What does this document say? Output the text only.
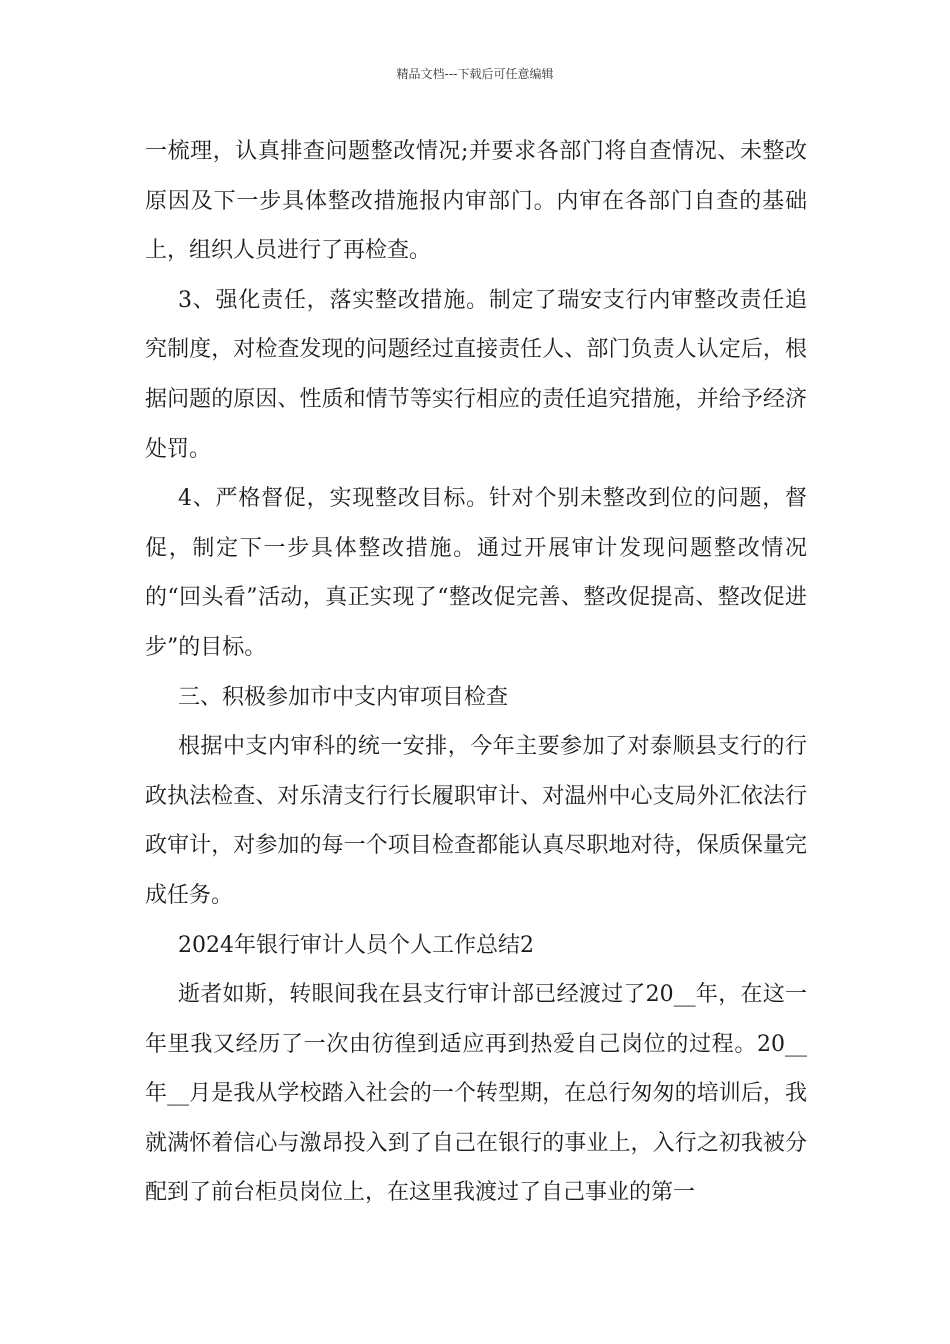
精品文档---下载后可任意编辑

一梳理，认真排查问题整改情况;并要求各部门将自查情况、未整改原因及下一步具体整改措施报内审部门。内审在各部门自查的基础上，组织人员进行了再检查。

3、强化责任，落实整改措施。制定了瑞安支行内审整改责任追究制度，对检查发现的问题经过直接责任人、部门负责人认定后，根据问题的原因、性质和情节等实行相应的责任追究措施，并给予经济处罚。

4、严格督促，实现整改目标。针对个别未整改到位的问题，督促，制定下一步具体整改措施。通过开展审计发现问题整改情况的“回头看”活动，真正实现了“整改促完善、整改促提高、整改促进步”的目标。

三、积极参加市中支内审项目检查

根据中支内审科的统一安排，今年主要参加了对泰顺县支行的行政执法检查、对乐清支行行长履职审计、对温州中心支局外汇依法行政审计，对参加的每一个项目检查都能认真尽职地对待，保质保量完成任务。

2024年银行审计人员个人工作总结2

逝者如斯，转眼间我在县支行审计部已经渡过了20__年，在这一年里我又经历了一次由彷徨到适应再到热爱自己岗位的过程。20__年__月是我从学校踏入社会的一个转型期，在总行匆匆的培训后，我就满怀着信心与激昂投入到了自己在银行的事业上，入行之初我被分配到了前台柜员岗位上，在这里我渡过了自己事业的第一
